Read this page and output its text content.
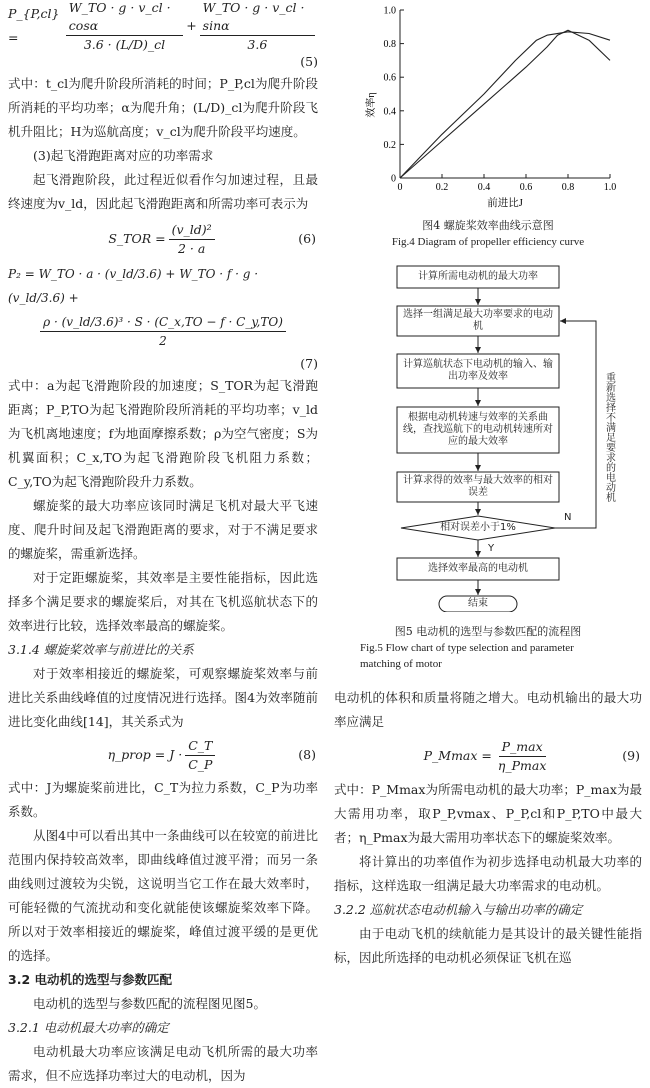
P_{P,cl} =	$\frac{W\_TO \cdot g \cdot v\_cl \cdot \cos\alpha}{3.6 \cdot (L/D)\_cl} + \frac{W\_TO \cdot g \cdot v\_cl \cdot \sin\alpha}{3.6}$
(5)

式中：t_cl为爬升阶段所消耗的时间；P_P,cl为爬升阶段所消耗的平均功率；α为爬升角；(L/D)_cl为爬升阶段飞机升阻比；H为巡航高度；v_cl为爬升阶段平均速度。

(3)起飞滑跑距离对应的功率需求

起飞滑跑阶段，此过程近似看作匀加速过程，且最终速度为v_ld，因此起飞滑跑距离和所需功率可表示为

S_TOR = $\frac{\text{(v\_ld)²}}{2 \cdot a}$	(6)
P₂ = W_TO · a · (v_ld/3.6) + W_TO · f · g · (v_ld/3.6) +
$\frac{\text{ρ · (v\_ld/3.6)³ · S · (C\_x,TO − f · C\_y,TO)}}{2}$
(7)

式中：a为起飞滑跑阶段的加速度；S_TOR为起飞滑跑距离；P_P,TO为起飞滑跑阶段所消耗的平均功率；v_ld为飞机离地速度；f为地面摩擦系数；ρ为空气密度；S为机翼面积；C_x,TO为起飞滑跑阶段飞机阻力系数；C_y,TO为起飞滑跑阶段升力系数。

螺旋桨的最大功率应该同时满足飞机对最大平飞速度、爬升时间及起飞滑跑距离的要求，对于不满足要求的螺旋桨，需重新选择。

对于定距螺旋桨，其效率是主要性能指标，因此选择多个满足要求的螺旋桨后，对其在飞机巡航状态下的效率进行比较，选择效率最高的螺旋桨。

3.1.4 螺旋桨效率与前进比的关系

对于效率相接近的螺旋桨，可观察螺旋桨效率与前进比关系曲线峰值的过度情况进行选择。图4为效率随前进比变化曲线[14]，其关系式为

η_prop = $J \cdot \frac{C\_T}{C\_P}$	(8)

式中：J为螺旋桨前进比，C_T为拉力系数，C_P为功率系数。

从图4中可以看出其中一条曲线可以在较宽的前进比范围内保持较高效率，即曲线峰值过渡平滑；而另一条曲线则过渡较为尖锐，这说明当它工作在最大效率时，可能轻微的气流扰动和变化就能使该螺旋桨效率下降。所以对于效率相接近的螺旋桨，峰值过渡平缓的是更优的选择。

3.2 电动机的选型与参数匹配

电动机的选型与参数匹配的流程图见图5。

3.2.1 电动机最大功率的确定

电动机最大功率应该满足电动飞机所需的最大功率需求，但不应选择功率过大的电动机，因为

0
0.2
0.4
0.6
0.8
1.0
0	0.2	0.4	0.6	0.8	1.0
效率η
前进比J
图4 螺旋桨效率曲线示意图
Fig.4 Diagram of propeller efficiency curve
图5 电动机的选型与参数匹配的流程图
Fig.5 Flow chart of type selection and parameter matching of motor

电动机的体积和质量将随之增大。电动机输出的最大功率应满足

P_Mmax = $\frac{P\_\max}{\eta\_Pmax}$	(9)

式中：P_Mmax为所需电动机的最大功率；P_max为最大需用功率，取P_P,vmax、P_P,cl和P_P,TO中最大者；η_Pmax为最大需用功率状态下的螺旋桨效率。

将计算出的功率值作为初步选择电动机最大功率的指标，这样选取一组满足最大功率需求的电动机。

3.2.2 巡航状态电动机输入与输出功率的确定

由于电动飞机的续航能力是其设计的最关键性能指标，因此所选择的电动机必须保证飞机在巡

计算所需电动机的最大功率
选择一组满足最大功率要求的电动机
计算巡航状态下电动机的输入、输出功率及效率
根据电动机转速与效率的关系曲线，查找巡航下的电动机转速所对应的最大效率
计算求得的效率与最大效率的相对误差
相对误差小于1%
选择效率最高的电动机
结束
Y
N
重新选择不满足要求的电动机
